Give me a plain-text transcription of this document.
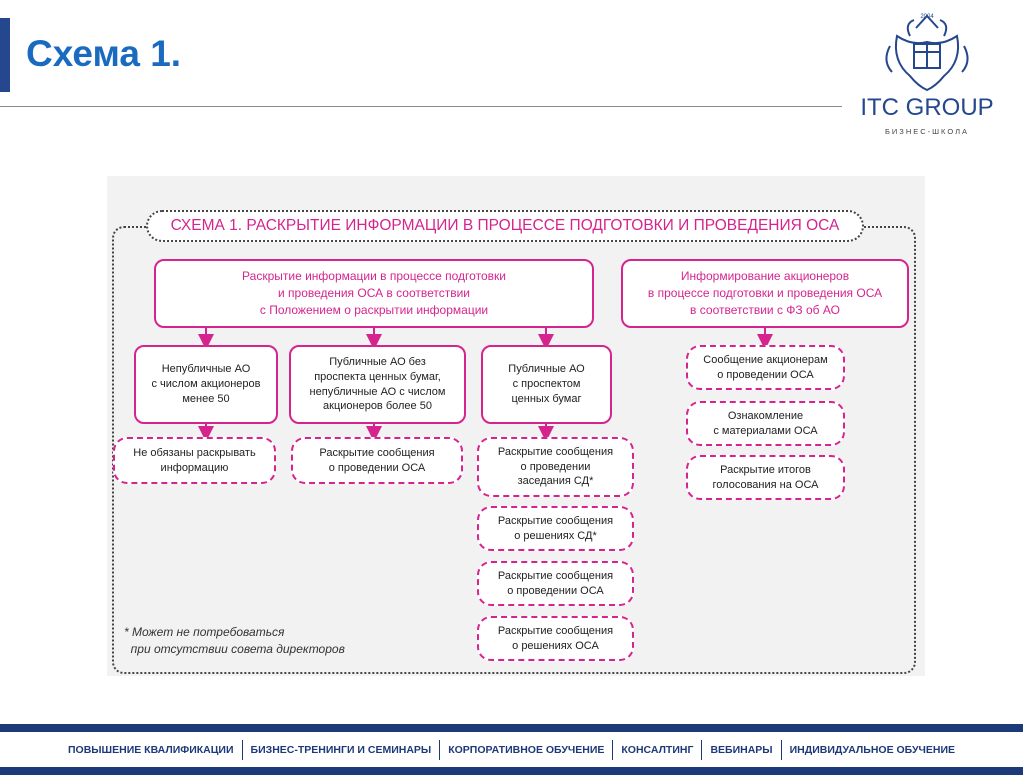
Схема 1.
2004
ITC GROUP
БИЗНЕС-ШКОЛА
СХЕМА 1. РАСКРЫТИЕ ИНФОРМАЦИИ В ПРОЦЕССЕ ПОДГОТОВКИ И ПРОВЕДЕНИЯ ОСА
Раскрытие информации в процессе подготовки
и проведения ОСА в соответствии
с Положением о раскрытии информации
Информирование акционеров
в процессе подготовки и проведения ОСА
в соответствии с ФЗ об АО
Непубличные АО
с числом акционеров
менее 50
Публичные АО без
проспекта ценных бумаг,
непубличные АО с числом
акционеров более 50
Публичные АО
с проспектом
ценных бумаг
Не обязаны раскрывать
информацию
Раскрытие сообщения
о проведении ОСА
Раскрытие сообщения
о проведении
заседания СД*
Раскрытие сообщения
о решениях СД*
Раскрытие сообщения
о проведении ОСА
Раскрытие сообщения
о решениях ОСА
Сообщение акционерам
о проведении ОСА
Ознакомление
с материалами ОСА
Раскрытие итогов
голосования на ОСА
* Может не потребоваться
при отсутствии совета директоров
ПОВЫШЕНИЕ КВАЛИФИКАЦИИ	БИЗНЕС-ТРЕНИНГИ И СЕМИНАРЫ	КОРПОРАТИВНОЕ ОБУЧЕНИЕ	КОНСАЛТИНГ	ВЕБИНАРЫ	ИНДИВИДУАЛЬНОЕ ОБУЧЕНИЕ
